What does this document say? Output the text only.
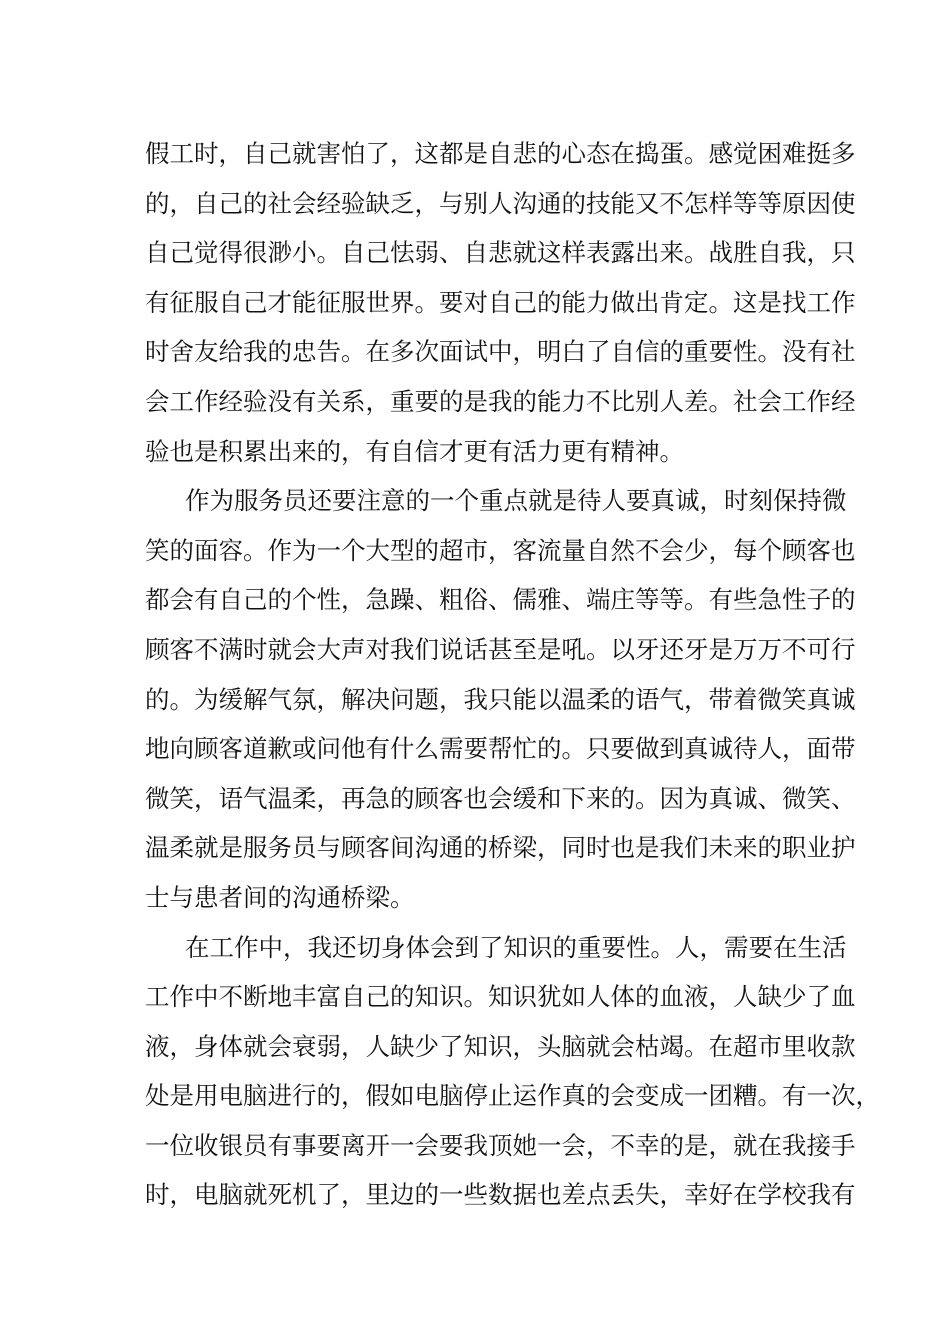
假工时，自己就害怕了，这都是自悲的心态在捣蛋。感觉困难挺多
的，自己的社会经验缺乏，与别人沟通的技能又不怎样等等原因使
自己觉得很渺小。自己怯弱、自悲就这样表露出来。战胜自我，只
有征服自己才能征服世界。要对自己的能力做出肯定。这是找工作
时舍友给我的忠告。在多次面试中，明白了自信的重要性。没有社
会工作经验没有关系，重要的是我的能力不比别人差。社会工作经
验也是积累出来的，有自信才更有活力更有精神。
作为服务员还要注意的一个重点就是待人要真诚，时刻保持微
笑的面容。作为一个大型的超市，客流量自然不会少，每个顾客也
都会有自己的个性，急躁、粗俗、儒雅、端庄等等。有些急性子的
顾客不满时就会大声对我们说话甚至是吼。以牙还牙是万万不可行
的。为缓解气氛，解决问题，我只能以温柔的语气，带着微笑真诚
地向顾客道歉或问他有什么需要帮忙的。只要做到真诚待人，面带
微笑，语气温柔，再急的顾客也会缓和下来的。因为真诚、微笑、
温柔就是服务员与顾客间沟通的桥梁，同时也是我们未来的职业护
士与患者间的沟通桥梁。
在工作中，我还切身体会到了知识的重要性。人，需要在生活
工作中不断地丰富自己的知识。知识犹如人体的血液，人缺少了血
液，身体就会衰弱，人缺少了知识，头脑就会枯竭。在超市里收款
处是用电脑进行的，假如电脑停止运作真的会变成一团糟。有一次，
一位收银员有事要离开一会要我顶她一会，不幸的是，就在我接手
时，电脑就死机了，里边的一些数据也差点丢失，幸好在学校我有
